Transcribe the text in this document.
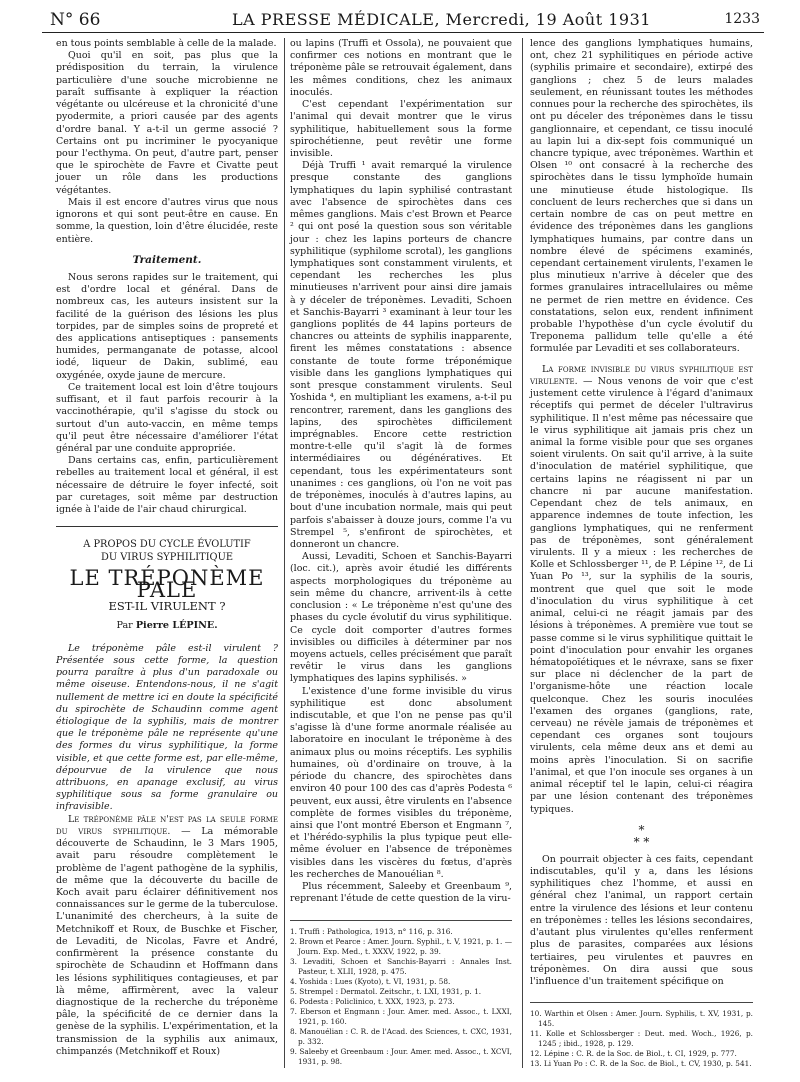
N° 66	LA PRESSE MÉDICALE, Mercredi, 19 Août 1931	1233

en tous points semblable à celle de la malade.

Quoi qu'il en soit, pas plus que la prédisposition du terrain, la virulence particulière d'une souche microbienne ne paraît suffisante à expliquer la réaction végétante ou ulcéreuse et la chronicité d'une pyodermite, a priori causée par des agents d'ordre banal. Y a-t-il un germe associé ? Certains ont pu incriminer le pyocyanique pour l'ecthyma. On peut, d'autre part, penser que le spirochète de Favre et Civatte peut jouer un rôle dans les productions végétantes.

Mais il est encore d'autres virus que nous ignorons et qui sont peut-être en cause. En somme, la question, loin d'être élucidée, reste entière.

Traitement.

Nous serons rapides sur le traitement, qui est d'ordre local et général. Dans de nombreux cas, les auteurs insistent sur la facilité de la guérison des lésions les plus torpides, par de simples soins de propreté et des applications antiseptiques : pansements humides, permanganate de potasse, alcool iodé, liqueur de Dakin, sublimé, eau oxygénée, oxyde jaune de mercure.

Ce traitement local est loin d'être toujours suffisant, et il faut parfois recourir à la vaccinothérapie, qu'il s'agisse du stock ou surtout d'un auto-vaccin, en même temps qu'il peut être nécessaire d'améliorer l'état général par une conduite appropriée.

Dans certains cas, enfin, particulièrement rebelles au traitement local et général, il est nécessaire de détruire le foyer infecté, soit par curetages, soit même par destruction ignée à l'aide de l'air chaud chirurgical.

A PROPOS DU CYCLE ÉVOLUTIF
DU VIRUS SYPHILITIQUE
LE TRÉPONÈME PALE
EST-IL VIRULENT ?
Par Pierre LÉPINE.

Le tréponème pâle est-il virulent ? Présentée sous cette forme, la question pourra paraître à plus d'un paradoxale ou même oiseuse. Entendons-nous, il ne s'agit nullement de mettre ici en doute la spécificité du spirochète de Schaudinn comme agent étiologique de la syphilis, mais de montrer que le tréponème pâle ne représente qu'une des formes du virus syphilitique, la forme visible, et que cette forme est, par elle-même, dépourvue de la virulence que nous attribuons, en apanage exclusif, au virus syphilitique sous sa forme granulaire ou infravisible.

Le tréponème pâle n'est pas la seule forme du virus syphilitique. — La mémorable découverte de Schaudinn, le 3 Mars 1905, avait paru résoudre complètement le problème de l'agent pathogène de la syphilis, de même que la découverte du bacille de Koch avait paru éclairer définitivement nos connaissances sur le germe de la tuberculose. L'unanimité des chercheurs, à la suite de Metchnikoff et Roux, de Buschke et Fischer, de Levaditi, de Nicolas, Favre et André, confirmèrent la présence constante du spirochète de Schaudinn et Hoffmann dans les lésions syphilitiques contagieuses, et par là même, affirmèrent, avec la valeur diagnostique de la recherche du tréponème pâle, la spécificité de ce dernier dans la genèse de la syphilis. L'expérimentation, et la transmission de la syphilis aux animaux, chimpanzés (Metchnikoff et Roux)

ou lapins (Truffi et Ossola), ne pouvaient que confirmer ces notions en montrant que le tréponème pâle se retrouvait également, dans les mêmes conditions, chez les animaux inoculés.

C'est cependant l'expérimentation sur l'animal qui devait montrer que le virus syphilitique, habituellement sous la forme spirochétienne, peut revêtir une forme invisible.

Déjà Truffi ¹ avait remarqué la virulence presque constante des ganglions lymphatiques du lapin syphilisé contrastant avec l'absence de spirochètes dans ces mêmes ganglions. Mais c'est Brown et Pearce ² qui ont posé la question sous son véritable jour : chez les lapins porteurs de chancre syphilitique (syphilome scrotal), les ganglions lymphatiques sont constamment virulents, et cependant les recherches les plus minutieuses n'arrivent pour ainsi dire jamais à y déceler de tréponèmes. Levaditi, Schoen et Sanchis-Bayarri ³ examinant à leur tour les ganglions poplités de 44 lapins porteurs de chancres ou atteints de syphilis inapparente, firent les mêmes constatations : absence constante de toute forme tréponémique visible dans les ganglions lymphatiques qui sont presque constamment virulents. Seul Yoshida ⁴, en multipliant les examens, a-t-il pu rencontrer, rarement, dans les ganglions des lapins, des spirochètes difficilement imprégnables. Encore cette restriction montre-t-elle qu'il s'agit là de formes intermédiaires ou dégénératives. Et cependant, tous les expérimentateurs sont unanimes : ces ganglions, où l'on ne voit pas de tréponèmes, inoculés à d'autres lapins, au bout d'une incubation normale, mais qui peut parfois s'abaisser à douze jours, comme l'a vu Strempel ⁵, s'enfiront de spirochètes, et donneront un chancre.

Aussi, Levaditi, Schoen et Sanchis-Bayarri (loc. cit.), après avoir étudié les différents aspects morphologiques du tréponème au sein même du chancre, arrivent-ils à cette conclusion : « Le tréponème n'est qu'une des phases du cycle évolutif du virus syphilitique. Ce cycle doit comporter d'autres formes invisibles ou difficiles à déterminer par nos moyens actuels, celles précisément que paraît revêtir le virus dans les ganglions lymphatiques des lapins syphilisés. »

L'existence d'une forme invisible du virus syphilitique est donc absolument indiscutable, et que l'on ne pense pas qu'il s'agisse là d'une forme anormale réalisée au laboratoire en inoculant le tréponème à des animaux plus ou moins réceptifs. Les syphilis humaines, où d'ordinaire on trouve, à la période du chancre, des spirochètes dans environ 40 pour 100 des cas d'après Podesta ⁶ peuvent, eux aussi, être virulents en l'absence complète de formes visibles du tréponème, ainsi que l'ont montré Eberson et Engmann ⁷, et l'hérédo-syphilis la plus typique peut elle-même évoluer en l'absence de tréponèmes visibles dans les viscères du fœtus, d'après les recherches de Manouélian ⁸.

Plus récemment, Saleeby et Greenbaum ⁹, reprenant l'étude de cette question de la viru-

1. Truffi : Pathologica, 1913, n° 116, p. 316.
2. Brown et Pearce : Amer. Journ. Syphil., t. V, 1921, p. 1. — Journ. Exp. Med., t. XXXV, 1922, p. 39.
3. Levaditi, Schoen et Sanchis-Bayarri : Annales Inst. Pasteur, t. XLII, 1928, p. 475.
4. Yoshida : Lues (Kyoto), t. VI, 1931, p. 58.
5. Strempel : Dermatol. Zeitschr., t. LXI, 1931, p. 1.
6. Podesta : Policlinico, t. XXX, 1923, p. 273.
7. Eberson et Engmann : Jour. Amer. med. Assoc., t. LXXI, 1921, p. 160.
8. Manouélian : C. R. de l'Acad. des Sciences, t. CXC, 1931, p. 332.
9. Saleeby et Greenbaum : Jour. Amer. med. Assoc., t. XCVI, 1931, p. 98.

lence des ganglions lymphatiques humains, ont, chez 21 syphilitiques en période active (syphilis primaire et secondaire), extirpé des ganglions ; chez 5 de leurs malades seulement, en réunissant toutes les méthodes connues pour la recherche des spirochètes, ils ont pu déceler des tréponèmes dans le tissu ganglionnaire, et cependant, ce tissu inoculé au lapin lui a dix-sept fois communiqué un chancre typique, avec tréponèmes. Warthin et Olsen ¹⁰ ont consacré à la recherche des spirochètes dans le tissu lymphoïde humain une minutieuse étude histologique. Ils concluent de leurs recherches que si dans un certain nombre de cas on peut mettre en évidence des tréponèmes dans les ganglions lymphatiques humains, par contre dans un nombre élevé de spécimens examinés, cependant certainement virulents, l'examen le plus minutieux n'arrive à déceler que des formes granulaires intracellulaires ou même ne permet de rien mettre en évidence. Ces constatations, selon eux, rendent infiniment probable l'hypothèse d'un cycle évolutif du Treponema pallidum telle qu'elle a été formulée par Levaditi et ses collaborateurs.

La forme invisible du virus syphilitique est virulente. — Nous venons de voir que c'est justement cette virulence à l'égard d'animaux réceptifs qui permet de déceler l'ultravirus syphilitique. Il n'est même pas nécessaire que le virus syphilitique ait jamais pris chez un animal la forme visible pour que ses organes soient virulents. On sait qu'il arrive, à la suite d'inoculation de matériel syphilitique, que certains lapins ne réagissent ni par un chancre ni par aucune manifestation. Cependant chez de tels animaux, en apparence indemnes de toute infection, les ganglions lymphatiques, qui ne renferment pas de tréponèmes, sont généralement virulents. Il y a mieux : les recherches de Kolle et Schlossberger ¹¹, de P. Lépine ¹², de Li Yuan Po ¹³, sur la syphilis de la souris, montrent que quel que soit le mode d'inoculation du virus syphilitique à cet animal, celui-ci ne réagit jamais par des lésions à tréponèmes. A première vue tout se passe comme si le virus syphilitique quittait le point d'inoculation pour envahir les organes hématopoïétiques et le névraxe, sans se fixer sur place ni déclencher de la part de l'organisme-hôte une réaction locale quelconque. Chez les souris inoculées l'examen des organes (ganglions, rate, cerveau) ne révèle jamais de tréponèmes et cependant ces organes sont toujours virulents, cela même deux ans et demi au moins après l'inoculation. Si on sacrifie l'animal, et que l'on inocule ses organes à un animal réceptif tel le lapin, celui-ci réagira par une lésion contenant des tréponèmes typiques.

*
* *

On pourrait objecter à ces faits, cependant indiscutables, qu'il y a, dans les lésions syphilitiques chez l'homme, et aussi en général chez l'animal, un rapport certain entre la virulence des lésions et leur contenu en tréponèmes : telles les lésions secondaires, d'autant plus virulentes qu'elles renferment plus de parasites, comparées aux lésions tertiaires, peu virulentes et pauvres en tréponèmes. On dira aussi que sous l'influence d'un traitement spécifique on

10. Warthin et Olsen : Amer. Journ. Syphilis, t. XV, 1931, p. 145.
11. Kolle et Schlossberger : Deut. med. Woch., 1926, p. 1245 ; ibid., 1928, p. 129.
12. Lépine : C. R. de la Soc. de Biol., t. CI, 1929, p. 777.
13. Li Yuan Po : C. R. de la Soc. de Biol., t. CV, 1930, p. 541.
